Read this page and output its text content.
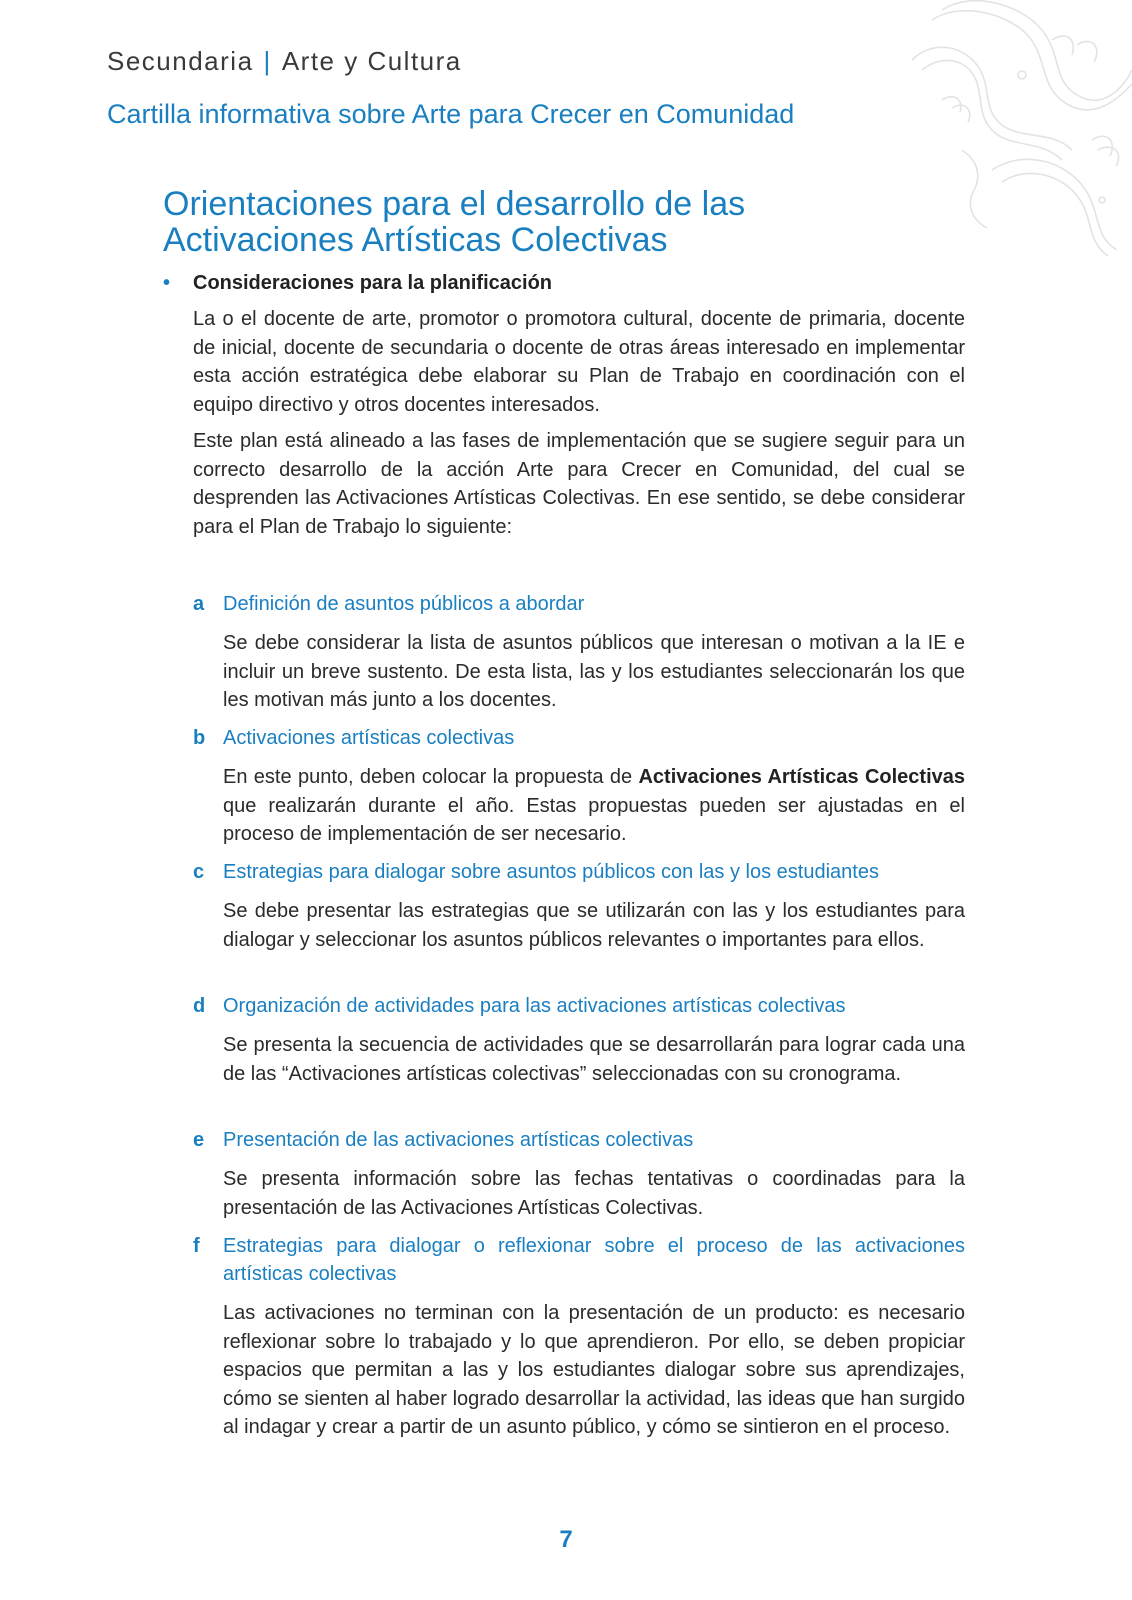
Secundaria | Arte y Cultura
Cartilla informativa sobre Arte para Crecer en Comunidad
Orientaciones para el desarrollo de las
Activaciones Artísticas Colectivas
• Consideraciones para la planificación

La o el docente de arte, promotor o promotora cultural, docente de primaria, docente de inicial, docente de secundaria o docente de otras áreas interesado en implementar esta acción estratégica debe elaborar su Plan de Trabajo en coordinación con el equipo directivo y otros docentes interesados.

Este plan está alineado a las fases de implementación que se sugiere seguir para un correcto desarrollo de la acción Arte para Crecer en Comunidad, del cual se desprenden las Activaciones Artísticas Colectivas. En ese sentido, se debe considerar para el Plan de Trabajo lo siguiente:

a Definición de asuntos públicos a abordar

Se debe considerar la lista de asuntos públicos que interesan o motivan a la IE e incluir un breve sustento. De esta lista, las y los estudiantes seleccionarán los que les motivan más junto a los docentes.

b Activaciones artísticas colectivas

En este punto, deben colocar la propuesta de Activaciones Artísticas Colectivas que realizarán durante el año. Estas propuestas pueden ser ajustadas en el proceso de implementación de ser necesario.

c Estrategias para dialogar sobre asuntos públicos con las y los estudiantes

Se debe presentar las estrategias que se utilizarán con las y los estudiantes para dialogar y seleccionar los asuntos públicos relevantes o importantes para ellos.

d Organización de actividades para las activaciones artísticas colectivas

Se presenta la secuencia de actividades que se desarrollarán para lograr cada una de las “Activaciones artísticas colectivas” seleccionadas con su cronograma.

e Presentación de las activaciones artísticas colectivas

Se presenta información sobre las fechas tentativas o coordinadas para la presentación de las Activaciones Artísticas Colectivas.

f Estrategias para dialogar o reflexionar sobre el proceso de las activaciones artísticas colectivas

Las activaciones no terminan con la presentación de un producto: es necesario reflexionar sobre lo trabajado y lo que aprendieron. Por ello, se deben propiciar espacios que permitan a las y los estudiantes dialogar sobre sus aprendizajes, cómo se sienten al haber logrado desarrollar la actividad, las ideas que han surgido al indagar y crear a partir de un asunto público, y cómo se sintieron en el proceso.

7
